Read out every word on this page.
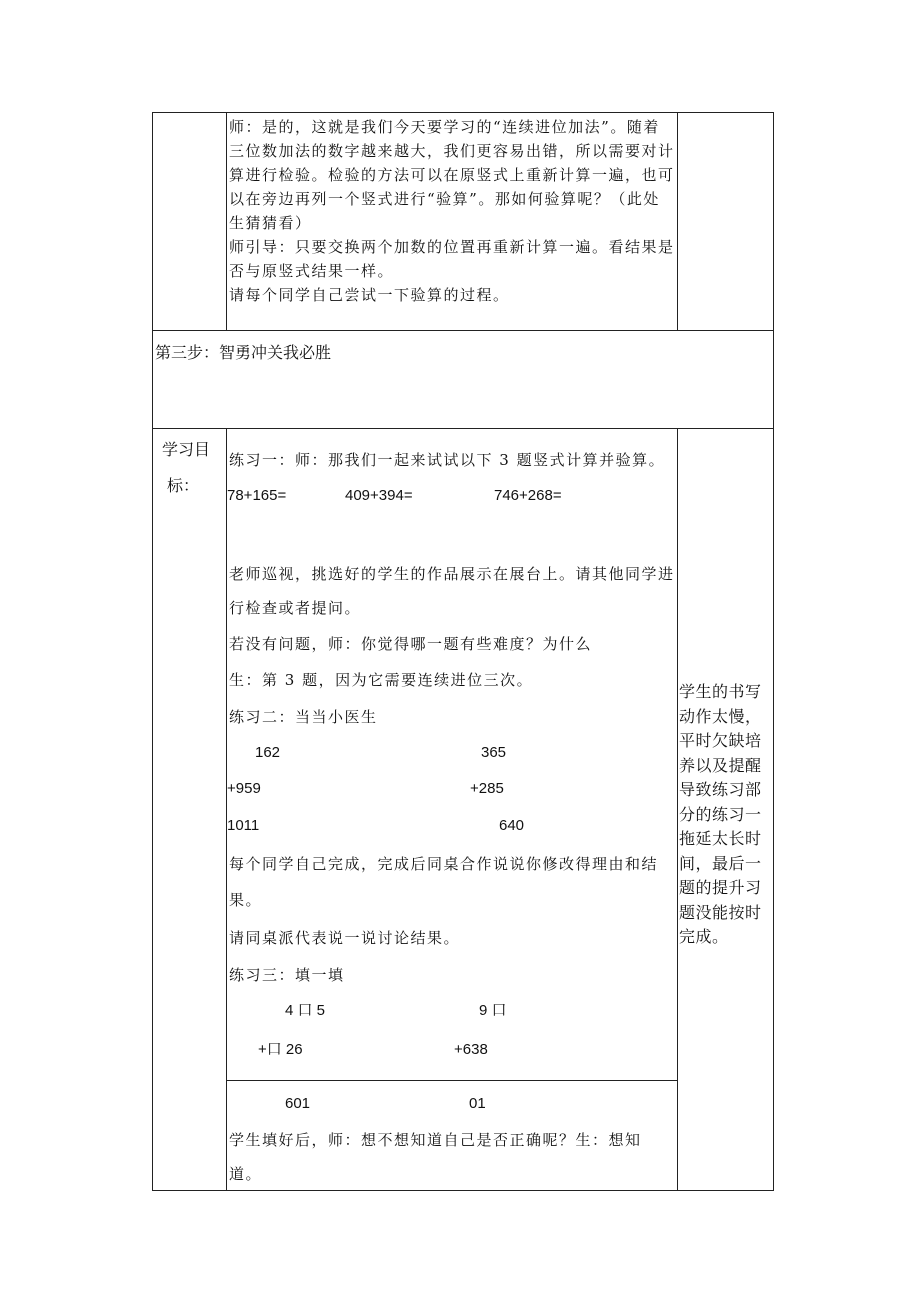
师：是的，这就是我们今天要学习的“连续进位加法”。随着
三位数加法的数字越来越大，我们更容易出错，所以需要对计
算进行检验。检验的方法可以在原竖式上重新计算一遍，也可
以在旁边再列一个竖式进行“验算”。那如何验算呢？（此处
生猜猜看）
师引导：只要交换两个加数的位置再重新计算一遍。看结果是
否与原竖式结果一样。
请每个同学自己尝试一下验算的过程。
第三步：智勇冲关我必胜
学习目
标：
练习一：师：那我们一起来试试以下 3 题竖式计算并验算。
78+165=	409+394=	746+268=
老师巡视，挑选好的学生的作品展示在展台上。请其他同学进
行检查或者提问。
若没有问题，师：你觉得哪一题有些难度？为什么
生：第 3 题，因为它需要连续进位三次。
练习二：当当小医生
162	365
+959	+285
1011	640
每个同学自己完成，完成后同桌合作说说你修改得理由和结
果。
请同桌派代表说一说讨论结果。
练习三：填一填
4 口 5	9 口
+口 26	+638
601	01
学生填好后，师：想不想知道自己是否正确呢？生：想知
道。
学生的书写
动作太慢，
平时欠缺培
养以及提醒
导致练习部
分的练习一
拖延太长时
间，最后一
题的提升习
题没能按时
完成。
